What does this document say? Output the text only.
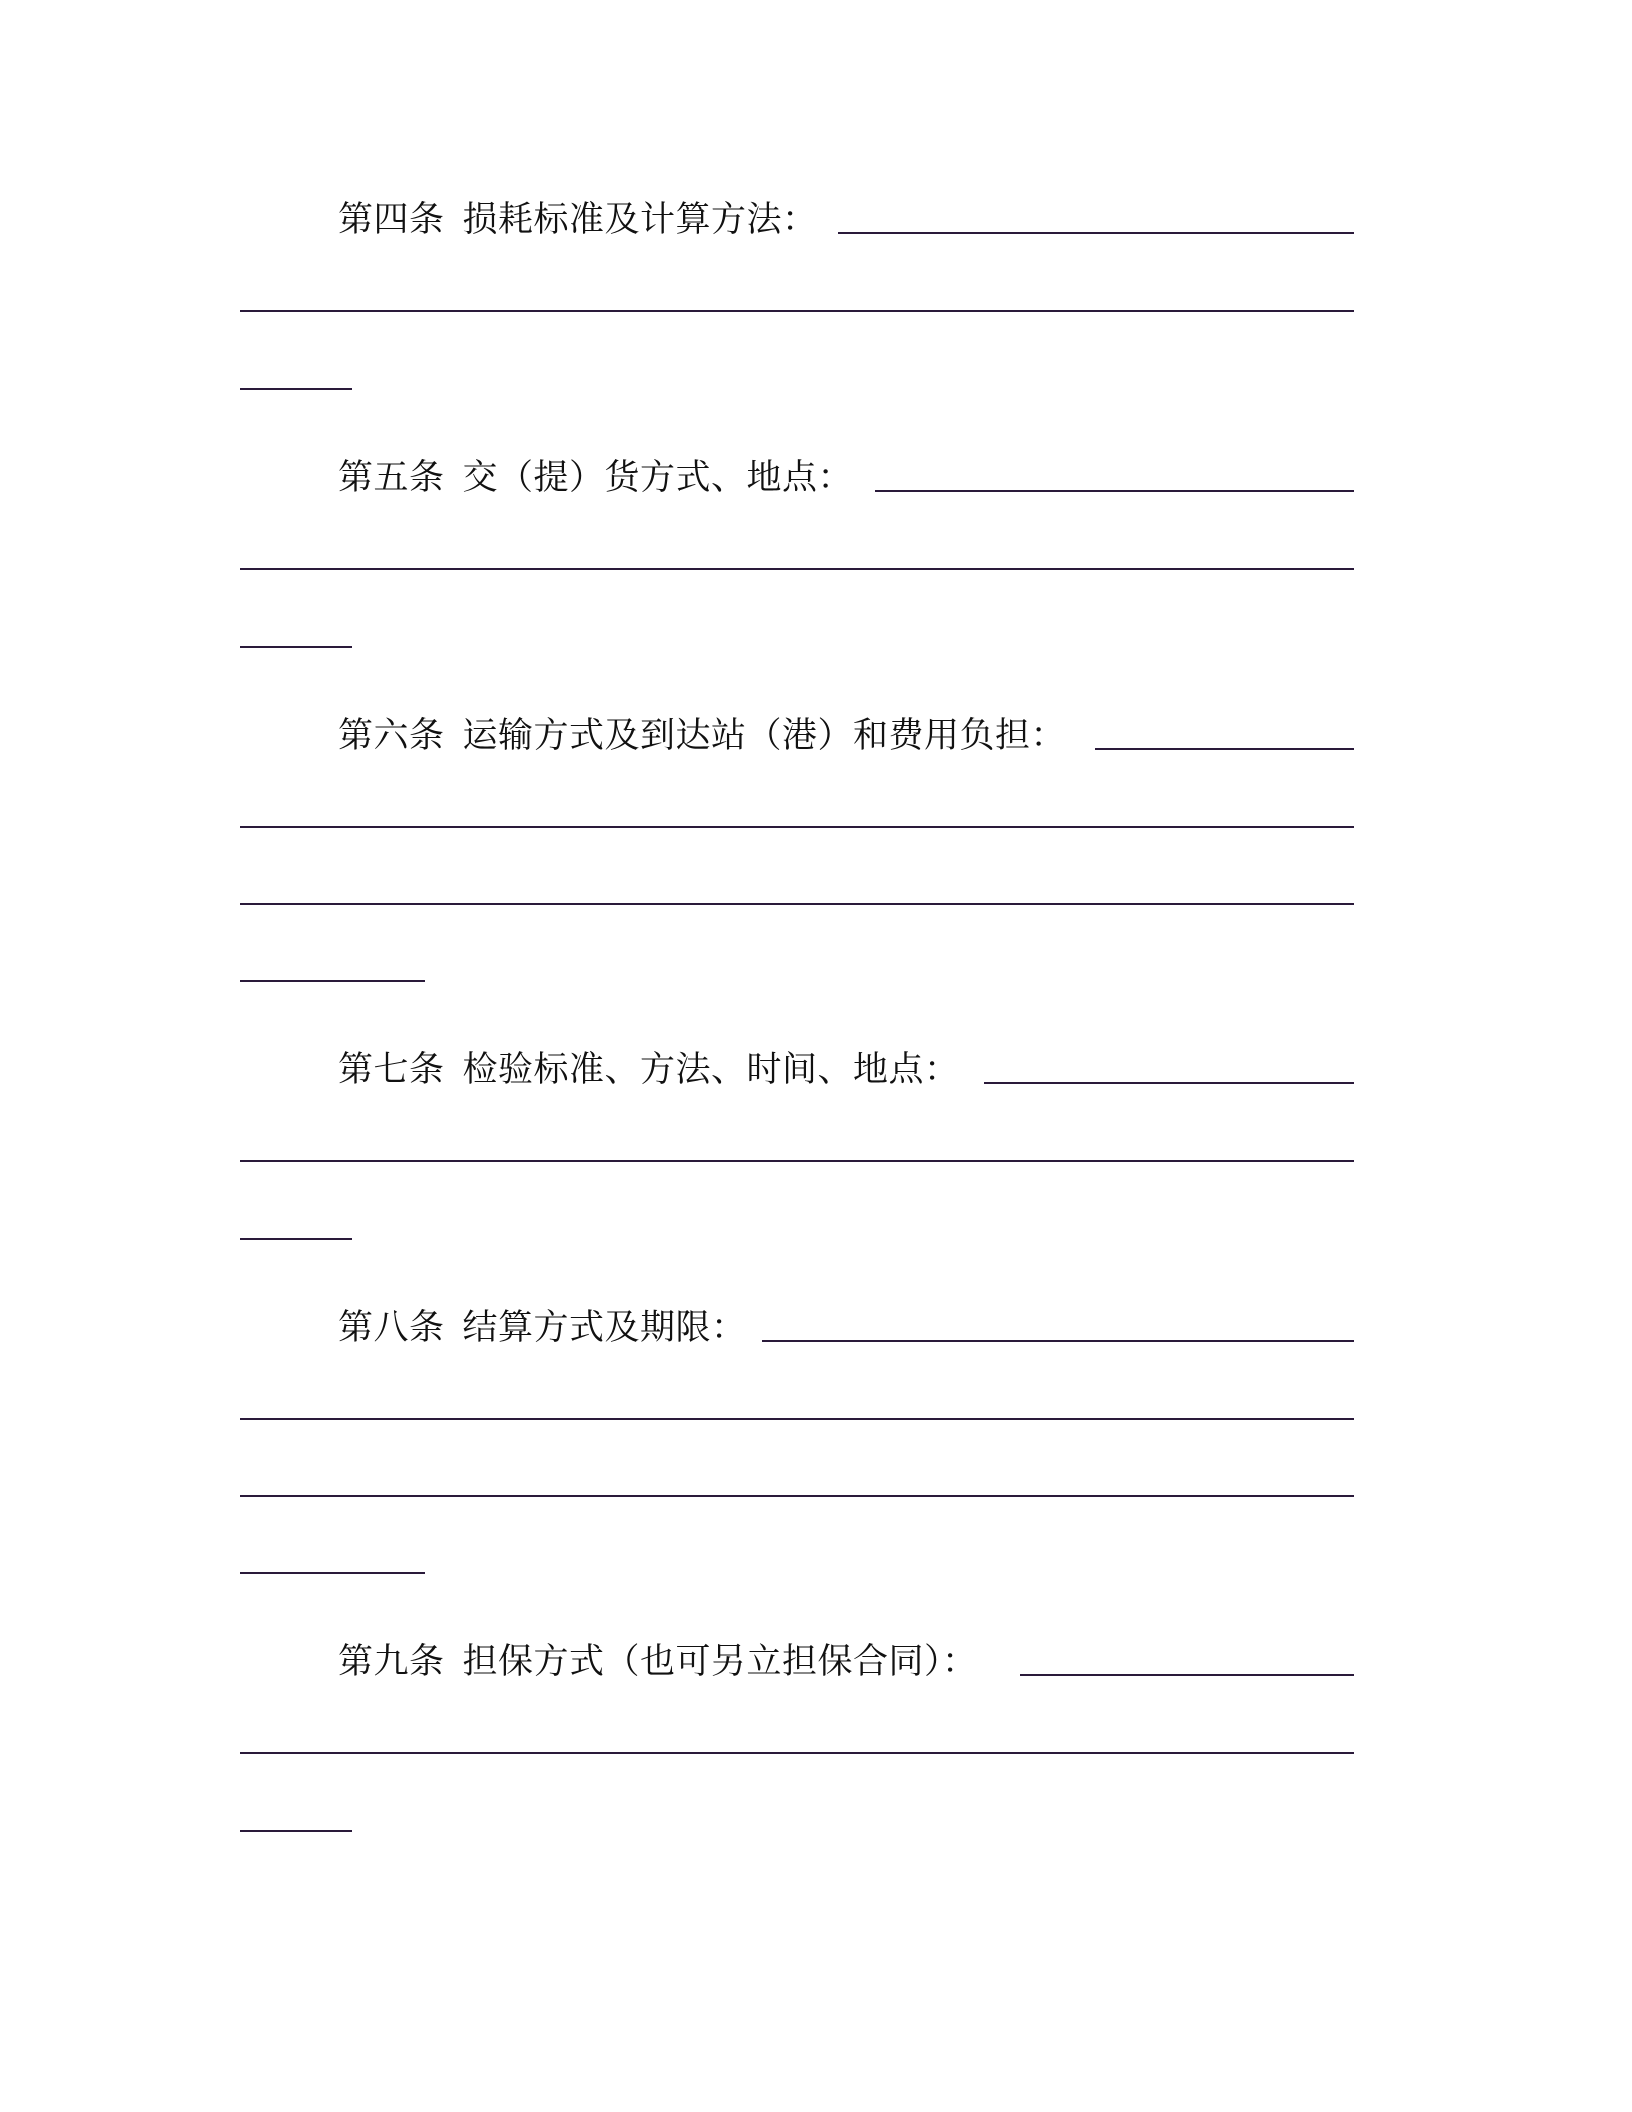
第四条 损耗标准及计算方法：
第五条 交（提）货方式、地点：
第六条 运输方式及到达站（港）和费用负担：
第七条 检验标准、方法、时间、地点：
第八条 结算方式及期限：
第九条 担保方式（也可另立担保合同）：
